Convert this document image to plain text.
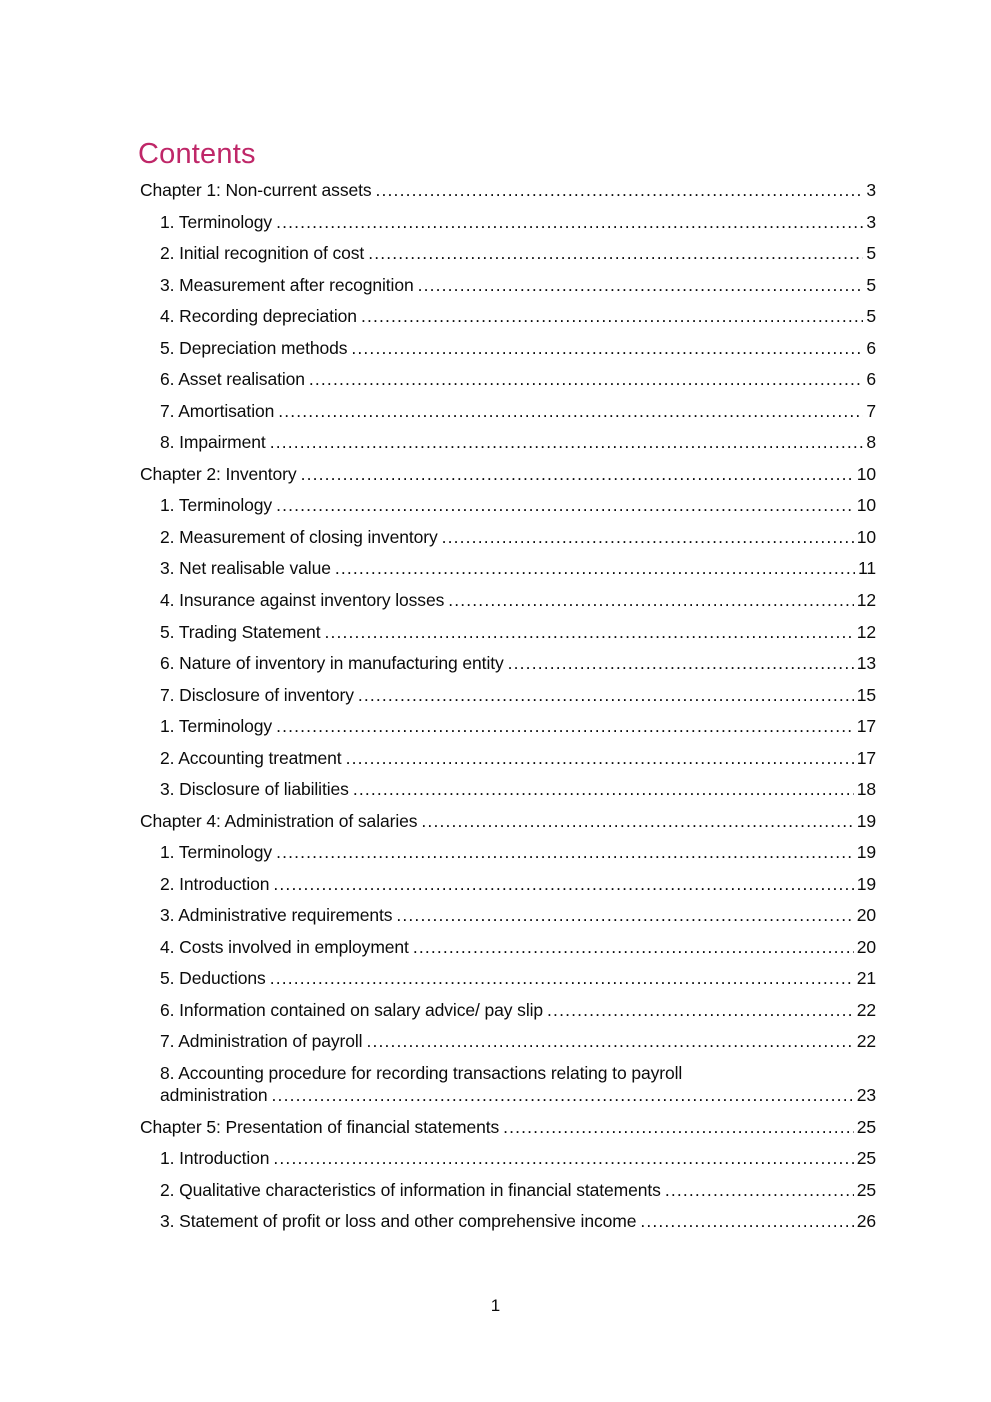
Contents
Chapter 1: Non-current assets .....	3
1. Terminology .....	3
2. Initial recognition of cost .....	5
3. Measurement after recognition .....	5
4. Recording depreciation .....	5
5. Depreciation methods .....	6
6. Asset realisation .....	6
7. Amortisation .....	7
8. Impairment .....	8
Chapter 2: Inventory .....	10
1. Terminology .....	10
2. Measurement of closing inventory .....	10
3. Net realisable value .....	11
4. Insurance against inventory losses .....	12
5. Trading Statement .....	12
6. Nature of inventory in manufacturing entity .....	13
7. Disclosure of inventory .....	15
1. Terminology .....	17
2. Accounting treatment .....	17
3. Disclosure of liabilities .....	18
Chapter 4: Administration of salaries .....	19
1. Terminology .....	19
2. Introduction .....	19
3. Administrative requirements .....	20
4. Costs involved in employment .....	20
5. Deductions .....	21
6. Information contained on salary advice/ pay slip .....	22
7. Administration of payroll .....	22
8. Accounting procedure for recording transactions relating to payroll
administration .....	23
Chapter 5: Presentation of financial statements .....	25
1. Introduction .....	25
2. Qualitative characteristics of information in financial statements .....	25
3. Statement of profit or loss and other comprehensive income .....	26
1
